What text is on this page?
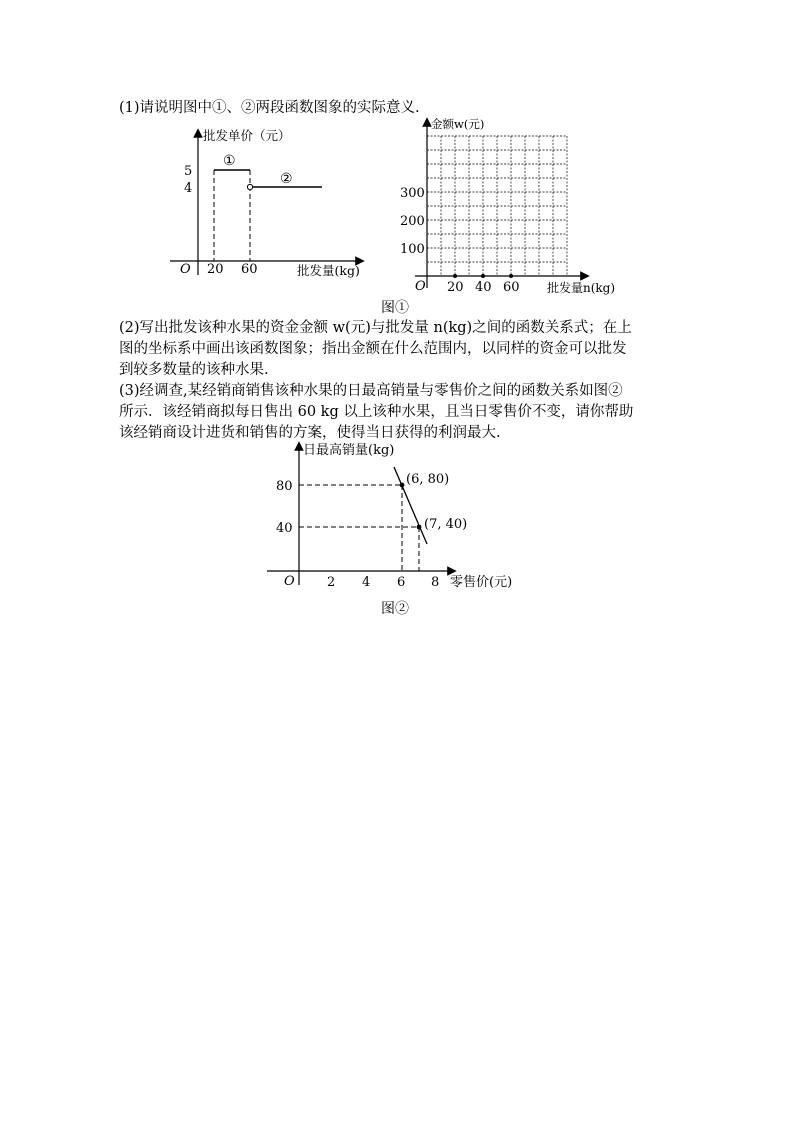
(1)请说明图中①、②两段函数图象的实际意义.
批发单价（元）
5
4
①
②
O 20 60	批发量(kg)
金额w(元)
300
200
100
O 20 40 60 批发量n(kg)
图①
(2)写出批发该种水果的资金金额 w(元)与批发量 n(kg)之间的函数关系式；在上
图的坐标系中画出该函数图象；指出金额在什么范围内，以同样的资金可以批发
到较多数量的该种水果.
(3)经调查,某经销商销售该种水果的日最高销量与零售价之间的函数关系如图②
所示．该经销商拟每日售出 60 kg 以上该种水果，且当日零售价不变，请你帮助
该经销商设计进货和销售的方案，使得当日获得的利润最大.
日最高销量(kg)
(6, 80)
(7, 40)
80
40
O 2 4 6 8 零售价(元)
图②
